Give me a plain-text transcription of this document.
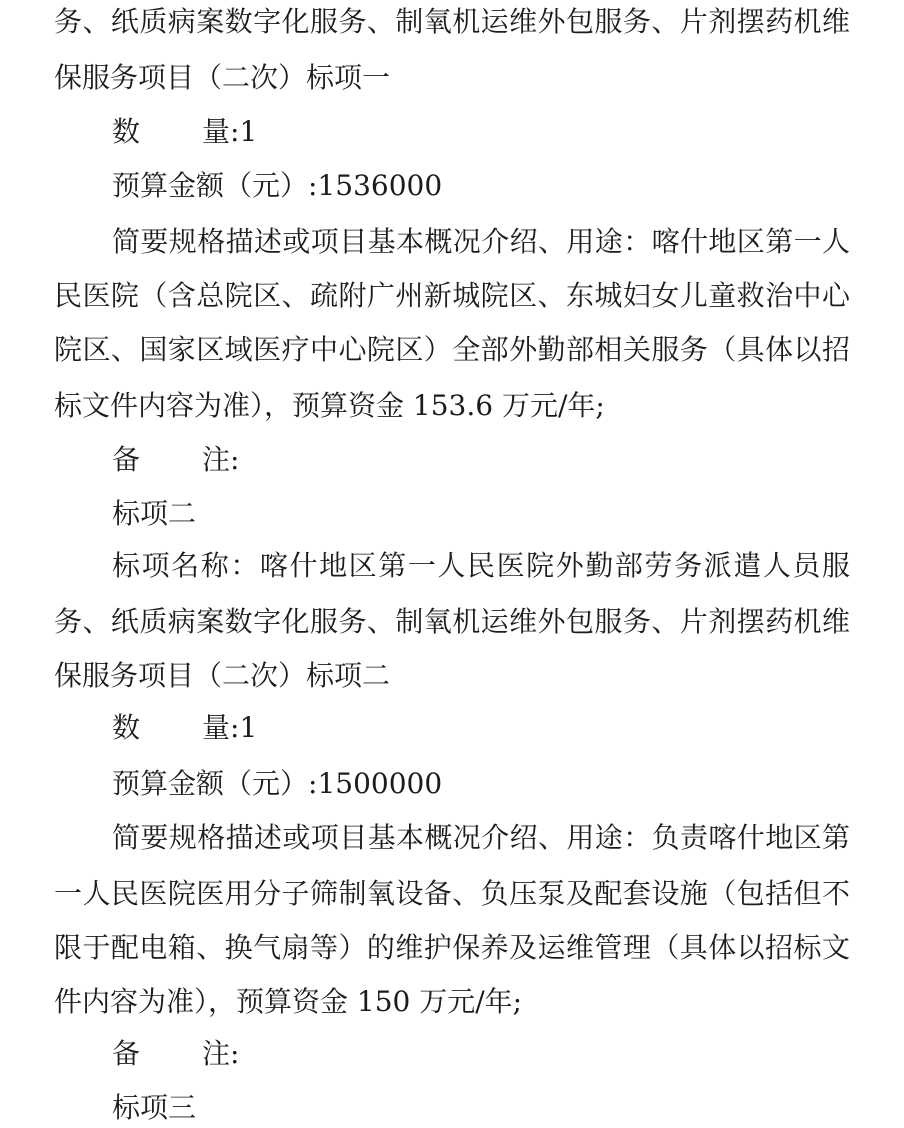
务、纸质病案数字化服务、制氧机运维外包服务、片剂摆药机维

保服务项目（二次）标项一

数 量:1

预算金额（元）:1536000

简要规格描述或项目基本概况介绍、用途：喀什地区第一人

民医院（含总院区、疏附广州新城院区、东城妇女儿童救治中心

院区、国家区域医疗中心院区）全部外勤部相关服务（具体以招

标文件内容为准），预算资金 153.6 万元/年;

备 注:

标项二

标项名称：喀什地区第一人民医院外勤部劳务派遣人员服

务、纸质病案数字化服务、制氧机运维外包服务、片剂摆药机维

保服务项目（二次）标项二

数 量:1

预算金额（元）:1500000

简要规格描述或项目基本概况介绍、用途：负责喀什地区第

一人民医院医用分子筛制氧设备、负压泵及配套设施（包括但不

限于配电箱、换气扇等）的维护保养及运维管理（具体以招标文

件内容为准），预算资金 150 万元/年;

备 注:

标项三
